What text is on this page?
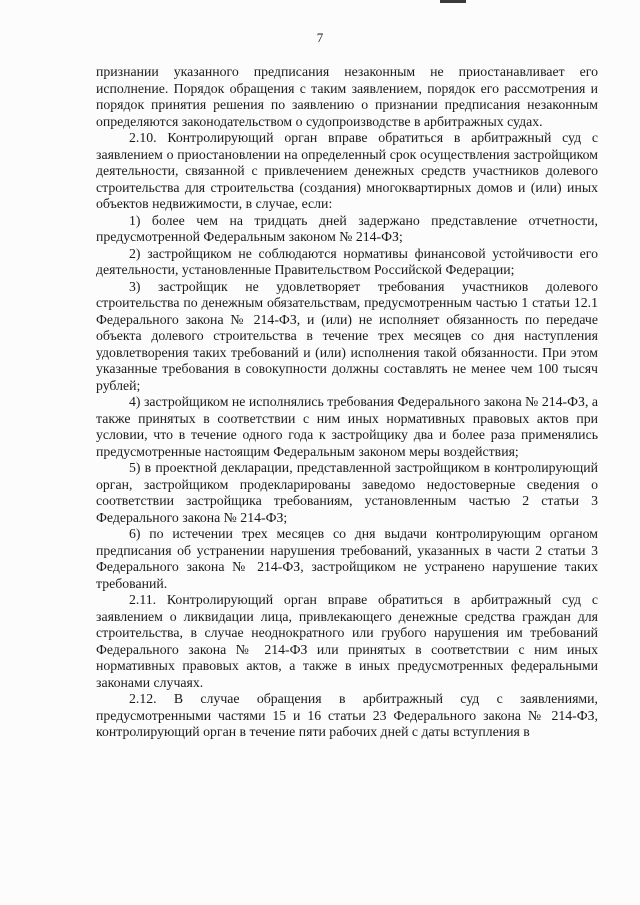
7

признании указанного предписания незаконным не приостанавливает его исполнение. Порядок обращения с таким заявлением, порядок его рассмотрения и порядок принятия решения по заявлению о признании предписания незаконным определяются законодательством о судопроизводстве в арбитражных судах.

2.10. Контролирующий орган вправе обратиться в арбитражный суд с заявлением о приостановлении на определенный срок осуществления застройщиком деятельности, связанной с привлечением денежных средств участников долевого строительства для строительства (создания) многоквартирных домов и (или) иных объектов недвижимости, в случае, если:

1) более чем на тридцать дней задержано представление отчетности, предусмотренной Федеральным законом № 214-ФЗ;

2) застройщиком не соблюдаются нормативы финансовой устойчивости его деятельности, установленные Правительством Российской Федерации;

3) застройщик не удовлетворяет требования участников долевого строительства по денежным обязательствам, предусмотренным частью 1 статьи 12.1 Федерального закона № 214-ФЗ, и (или) не исполняет обязанность по передаче объекта долевого строительства в течение трех месяцев со дня наступления удовлетворения таких требований и (или) исполнения такой обязанности. При этом указанные требования в совокупности должны составлять не менее чем 100 тысяч рублей;

4) застройщиком не исполнялись требования Федерального закона № 214-ФЗ, а также принятых в соответствии с ним иных нормативных правовых актов при условии, что в течение одного года к застройщику два и более раза применялись предусмотренные настоящим Федеральным законом меры воздействия;

5) в проектной декларации, представленной застройщиком в контролирующий орган, застройщиком продекларированы заведомо недостоверные сведения о соответствии застройщика требованиям, установленным частью 2 статьи 3 Федерального закона № 214-ФЗ;

6) по истечении трех месяцев со дня выдачи контролирующим органом предписания об устранении нарушения требований, указанных в части 2 статьи 3 Федерального закона № 214-ФЗ, застройщиком не устранено нарушение таких требований.

2.11. Контролирующий орган вправе обратиться в арбитражный суд с заявлением о ликвидации лица, привлекающего денежные средства граждан для строительства, в случае неоднократного или грубого нарушения им требований Федерального закона № 214-ФЗ или принятых в соответствии с ним иных нормативных правовых актов, а также в иных предусмотренных федеральными законами случаях.

2.12. В случае обращения в арбитражный суд с заявлениями, предусмотренными частями 15 и 16 статьи 23 Федерального закона № 214-ФЗ, контролирующий орган в течение пяти рабочих дней с даты вступления в
